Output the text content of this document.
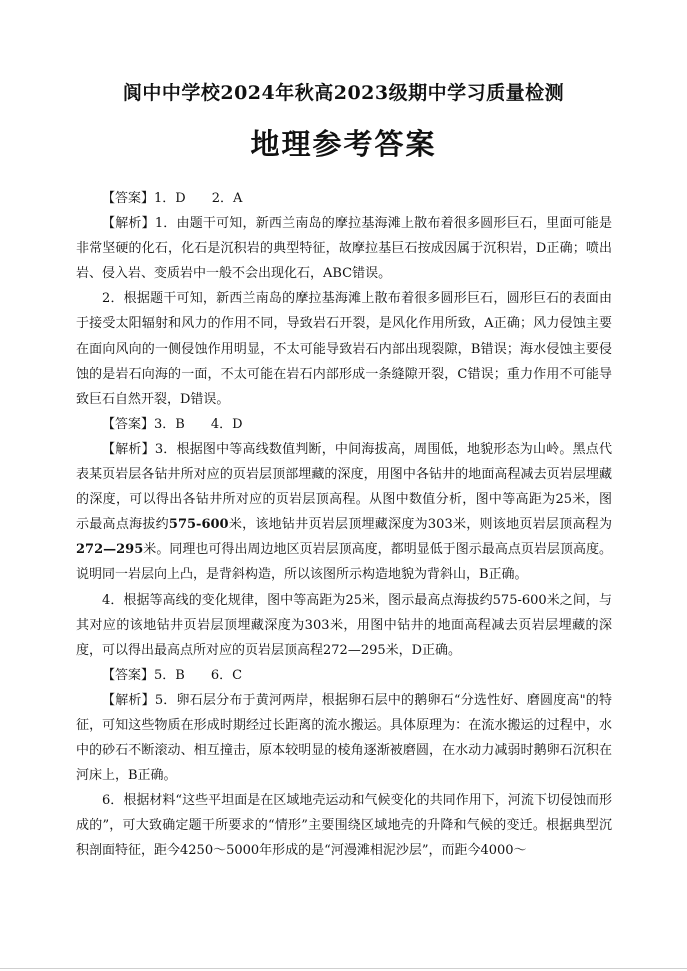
阆中中学校2024年秋高2023级期中学习质量检测
地理参考答案

【答案】1．D　　2．A

【解析】1．由题干可知，新西兰南岛的摩拉基海滩上散布着很多圆形巨石，里面可能是非常坚硬的化石，化石是沉积岩的典型特征，故摩拉基巨石按成因属于沉积岩，D正确；喷出岩、侵入岩、变质岩中一般不会出现化石，ABC错误。

2．根据题干可知，新西兰南岛的摩拉基海滩上散布着很多圆形巨石，圆形巨石的表面由于接受太阳辐射和风力的作用不同，导致岩石开裂，是风化作用所致，A正确；风力侵蚀主要在面向风向的一侧侵蚀作用明显，不太可能导致岩石内部出现裂隙，B错误；海水侵蚀主要侵蚀的是岩石向海的一面，不太可能在岩石内部形成一条缝隙开裂，C错误；重力作用不可能导致巨石自然开裂，D错误。

【答案】3．B　　4．D

【解析】3．根据图中等高线数值判断，中间海拔高，周围低，地貌形态为山岭。黑点代表某页岩层各钻井所对应的页岩层顶部埋藏的深度，用图中各钻井的地面高程减去页岩层埋藏的深度，可以得出各钻井所对应的页岩层顶高程。从图中数值分析，图中等高距为25米，图示最高点海拔约575-600米，该地钻井页岩层顶埋藏深度为303米，则该地页岩层顶高程为272—295米。同理也可得出周边地区页岩层顶高度，都明显低于图示最高点页岩层顶高度。说明同一岩层向上凸，是背斜构造，所以该图所示构造地貌为背斜山，B正确。

4．根据等高线的变化规律，图中等高距为25米，图示最高点海拔约575-600米之间，与其对应的该地钻井页岩层顶埋藏深度为303米，用图中钻井的地面高程减去页岩层埋藏的深度，可以得出最高点所对应的页岩层顶高程272—295米，D正确。

【答案】5．B　　6．C

【解析】5．卵石层分布于黄河两岸，根据卵石层中的鹅卵石“分选性好、磨圆度高"的特征，可知这些物质在形成时期经过长距离的流水搬运。具体原理为：在流水搬运的过程中，水中的砂石不断滚动、相互撞击，原本较明显的棱角逐渐被磨圆，在水动力减弱时鹅卵石沉积在河床上，B正确。

6．根据材料“这些平坦面是在区域地壳运动和气候变化的共同作用下，河流下切侵蚀而形成的”，可大致确定题干所要求的“情形”主要围绕区域地壳的升降和气候的变迁。根据典型沉积剖面特征，距今4250～5000年形成的是“河漫滩相泥沙层”，而距今4000～
